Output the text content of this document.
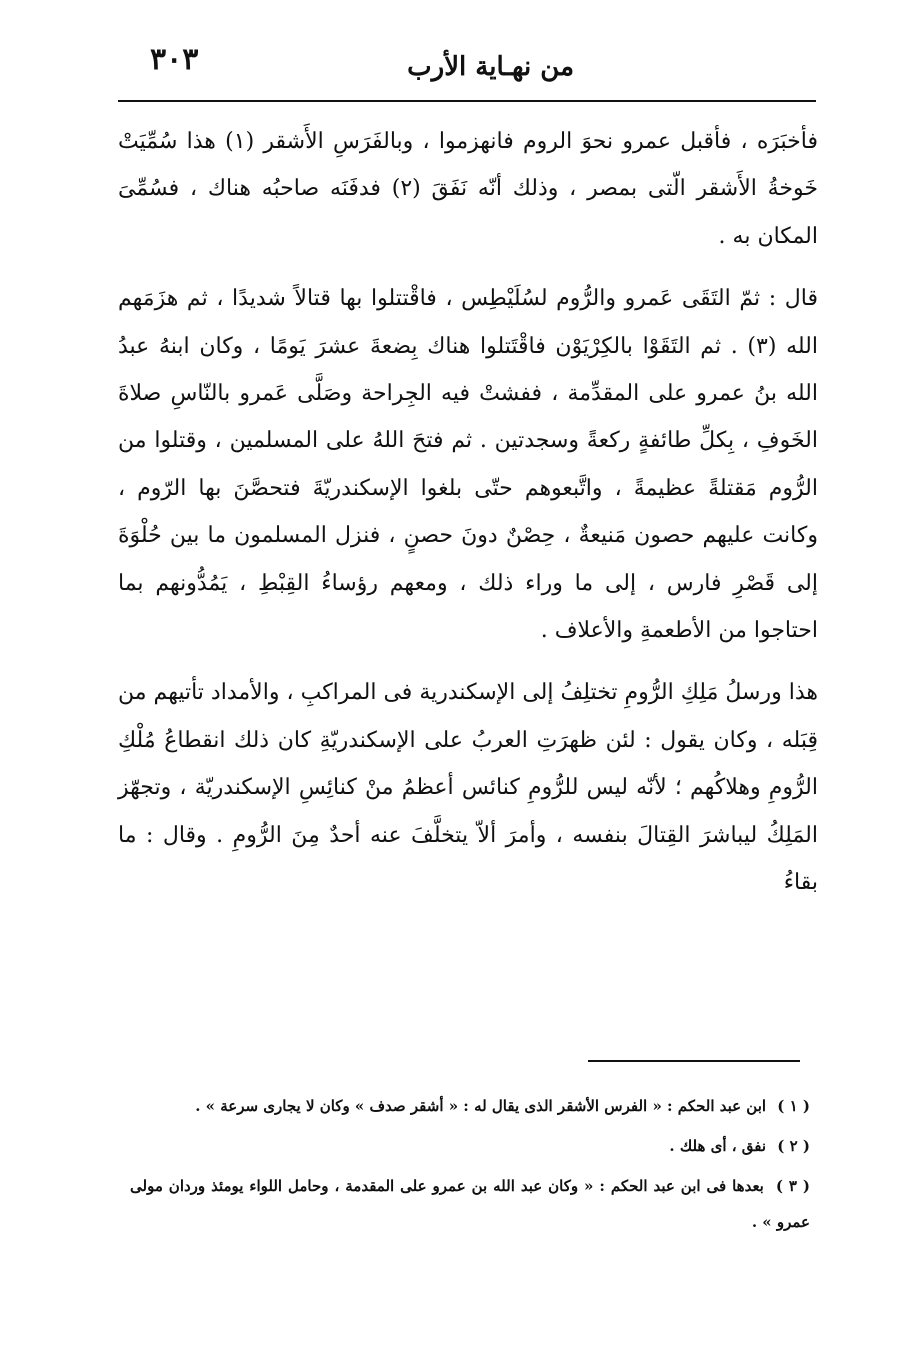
من نهـاية الأرب
٣٠٣

فأخبَرَه ، فأقبل عمرو نحوَ الروم فانهزموا ، وبالفَرَسِ الأَشقر (١) هذا سُمِّيَتْ خَوخةُ الأَشقر الّتى بمصر ، وذلك أنّه نَفَقَ (٢) فدفَنَه صاحبُه هناك ، فسُمِّىَ المكان به .

قال : ثمّ التَقَى عَمرو والرُّوم لسُلَيْطِس ، فاقْتتلوا بها قتالاً شديدًا ، ثم هزَمَهم الله (٣) . ثم التَقَوْا بالكِرْيَوْن فاقْتَتلوا هناك بِضعةَ عشرَ يَومًا ، وكان ابنهُ عبدُ الله بنُ عمرو على المقدِّمة ، ففشتْ فيه الجِراحة وصَلَّى عَمرو بالنّاسِ صلاةَ الخَوفِ ، بِكلِّ طائفةٍ ركعةً وسجدتين . ثم فتحَ اللهُ على المسلمين ، وقتلوا من الرُّوم مَقتلةً عظيمةً ، واتَّبعوهم حتّى بلغوا الإسكندريّةَ فتحصَّنَ بها الرّوم ، وكانت عليهم حصون مَنيعةٌ ، حِصْنٌ دونَ حصنٍ ، فنزل المسلمون ما بين حُلْوَةَ إلى قَصْرِ فارس ، إلى ما وراء ذلك ، ومعهم رؤساءُ القِبْطِ ، يَمُدُّونهم بما احتاجوا من الأطعمةِ والأعلاف .

هذا ورسلُ مَلِكِ الرُّومِ تختلِفُ إلى الإسكندرية فى المراكبِ ، والأمداد تأتيهم من قِبَله ، وكان يقول : لئن ظهرَتِ العربُ على الإسكندريّةِ كان ذلك انقطاعُ مُلْكِ الرُّومِ وهلاكُهم ؛ لأنّه ليس للرُّومِ كنائس أعظمُ منْ كنائِسِ الإسكندريّة ، وتجهّز المَلِكُ ليباشرَ القِتالَ بنفسه ، وأمرَ ألاّ يتخلَّفَ عنه أحدٌ مِنَ الرُّومِ . وقال : ما بقاءُ

( ١ ) ابن عبد الحكم : « الفرس الأشقر الذى يقال له : « أشقر صدف » وكان لا يجارى سرعة » .

( ٢ ) نفق ، أى هلك .

( ٣ ) بعدها فى ابن عبد الحكم : « وكان عبد الله بن عمرو على المقدمة ، وحامل اللواء يومئذ وردان مولى عمرو » .
